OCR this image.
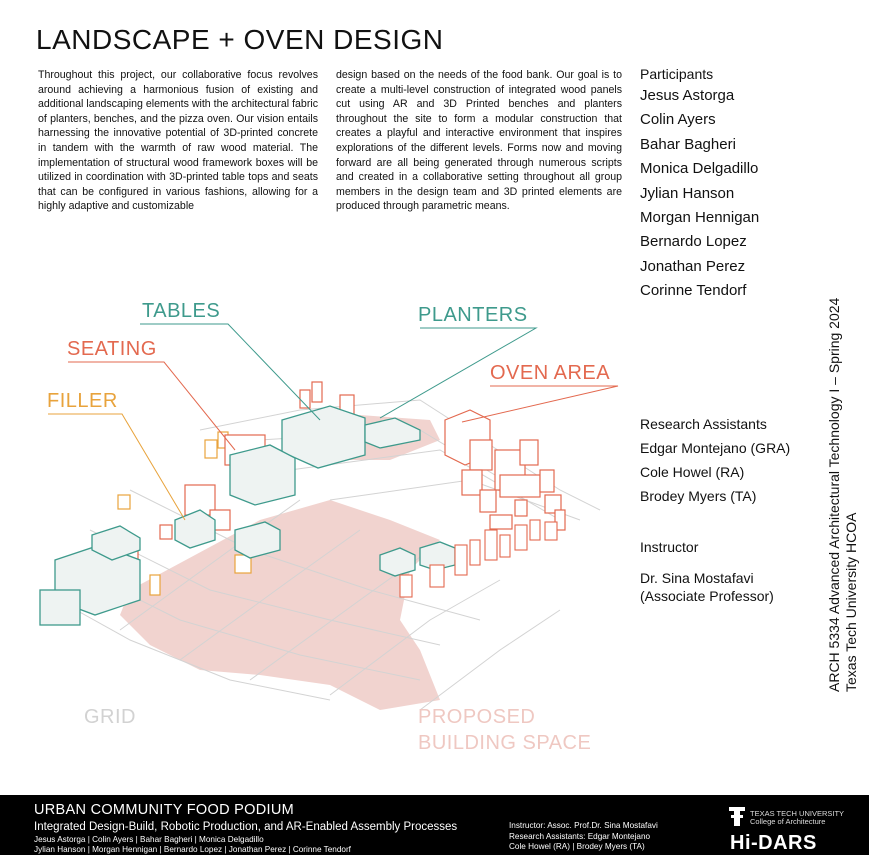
LANDSCAPE + OVEN DESIGN
Throughout this project, our collaborative focus revolves around achieving a harmonious fusion of existing and additional landscaping elements with the architectural fabric of planters, benches, and the pizza oven. Our vision entails harnessing the innovative potential of 3D-printed concrete in tandem with the warmth of raw wood material. The implementation of structural wood framework boxes will be utilized in coordination with 3D-printed table tops and seats that can be configured in various fashions, allowing for a highly adaptive and customizable
design based on the needs of the food bank. Our goal is to create a multi-level construction of integrated wood panels cut using AR and 3D Printed benches and planters throughout the site to form a modular construction that creates a playful and interactive environment that inspires explorations of the different levels. Forms now and moving forward are all being generated through numerous scripts and created in a collaborative setting throughout all group members in the design team and 3D printed elements are produced through parametric means.
Participants
Jesus Astorga
Colin Ayers
Bahar Bagheri
Monica Delgadillo
Jylian Hanson
Morgan Hennigan
Bernardo Lopez
Jonathan Perez
Corinne Tendorf
Research Assistants
Edgar Montejano (GRA)
Cole Howel (RA)
Brodey Myers (TA)
Instructor
Dr. Sina Mostafavi
(Associate Professor)	ARCH 5334 Advanced Architectural Technology I – Spring 2024 Texas Tech University HCOA
TABLES	PLANTERS
SEATING
OVEN AREA
FILLER
GRID	PROPOSED
BUILDING SPACE
URBAN COMMUNITY FOOD PODIUM
Integrated Design-Build, Robotic Production, and AR-Enabled Assembly Processes
Jesus Astorga | Colin Ayers | Bahar Bagheri | Monica Delgadillo
Jylian Hanson | Morgan Hennigan | Bernardo Lopez | Jonathan Perez | Corinne Tendorf
Instructor: Assoc. Prof.Dr. Sina Mostafavi
Research Assistants: Edgar Montejano
Cole Howel (RA) | Brodey Myers (TA)
TEXAS TECH UNIVERSITY
College of Architecture
Hi-DARS
